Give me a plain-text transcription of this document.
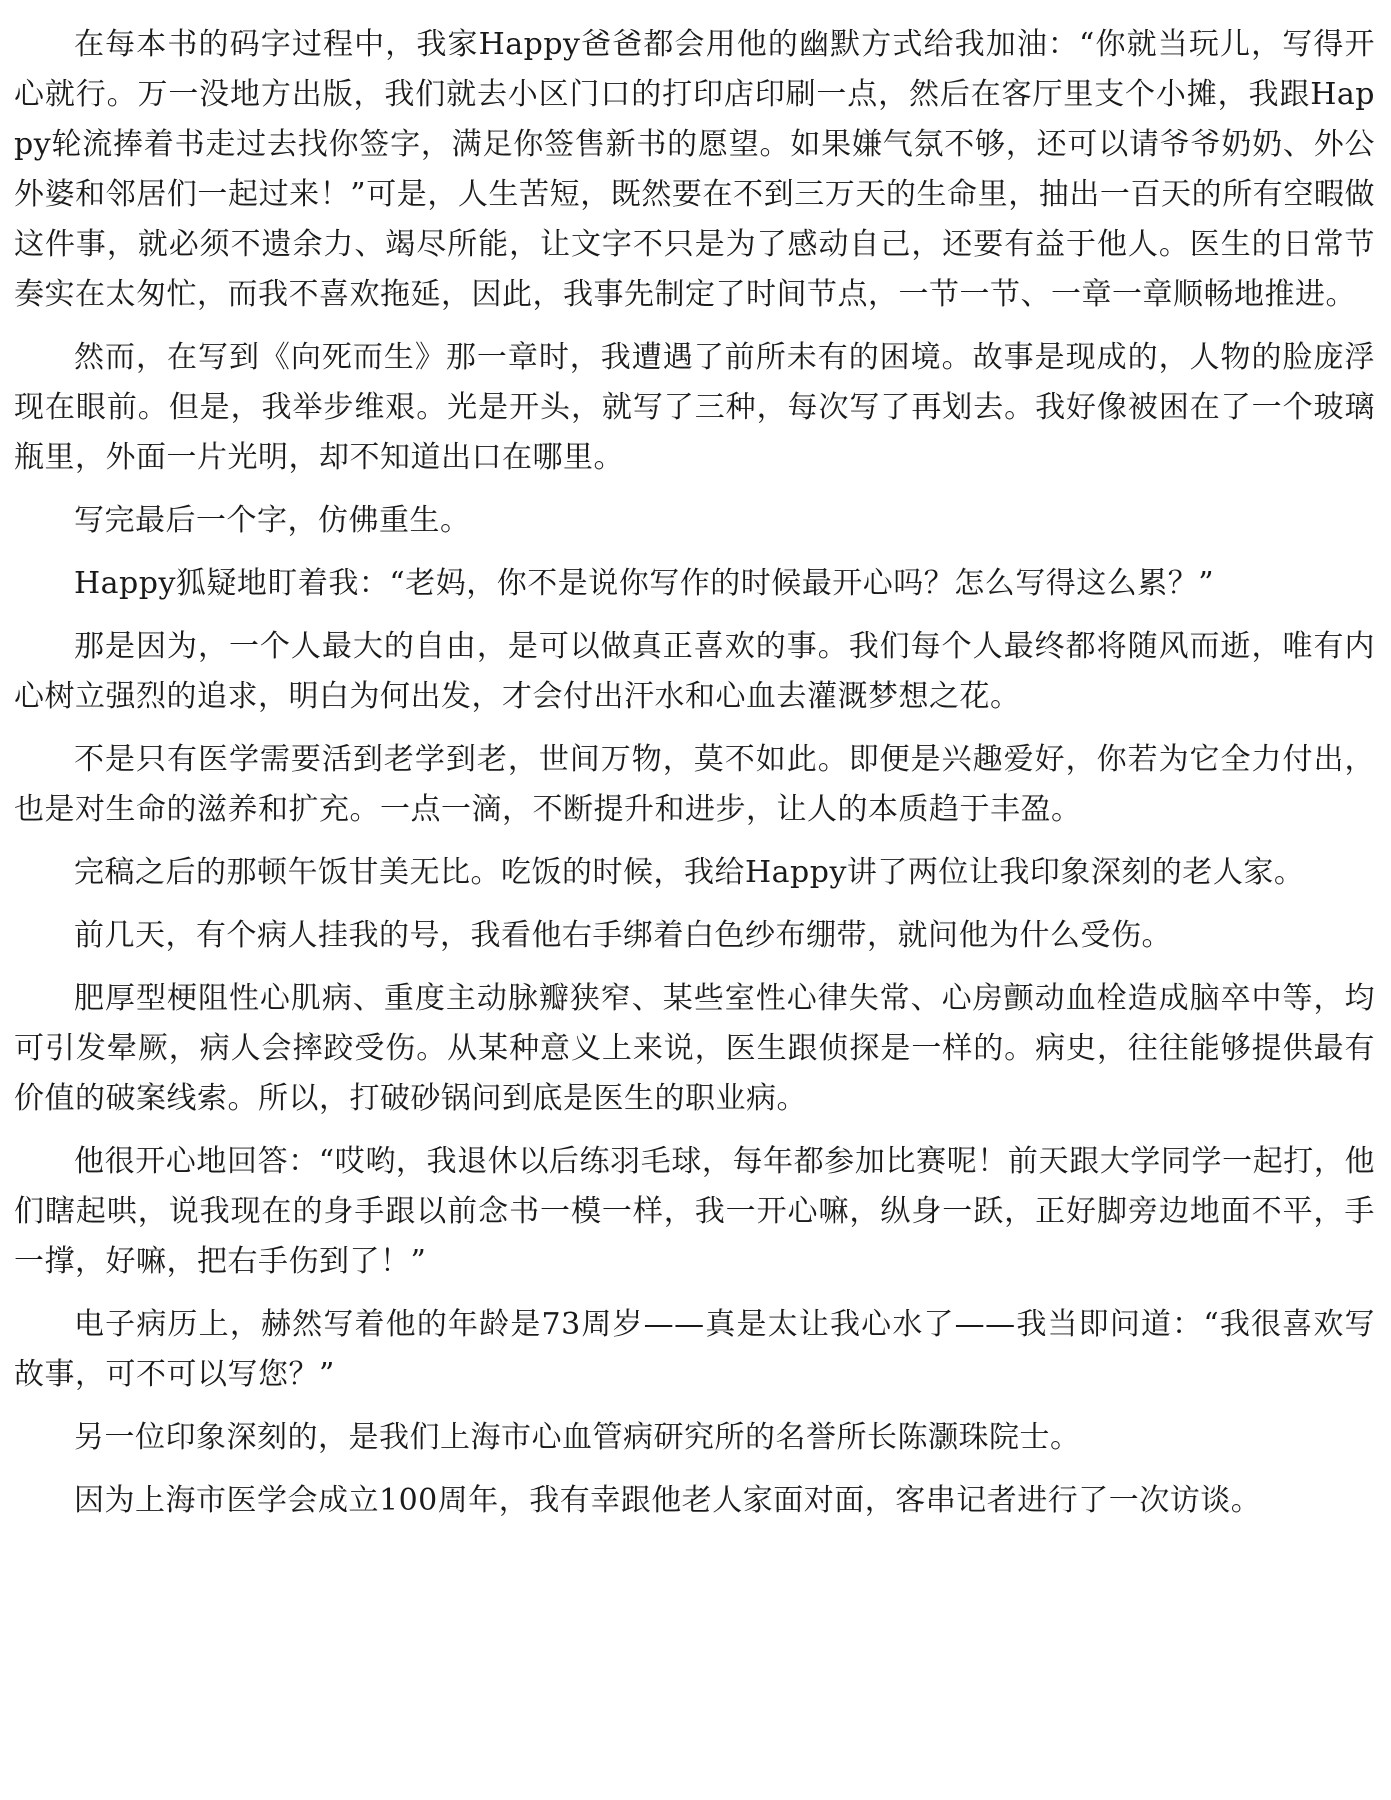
在每本书的码字过程中，我家Happy爸爸都会用他的幽默方式给我加油：“你就当玩儿，写得开心就行。万一没地方出版，我们就去小区门口的打印店印刷一点，然后在客厅里支个小摊，我跟Happy轮流捧着书走过去找你签字，满足你签售新书的愿望。如果嫌气氛不够，还可以请爷爷奶奶、外公外婆和邻居们一起过来！”可是，人生苦短，既然要在不到三万天的生命里，抽出一百天的所有空暇做这件事，就必须不遗余力、竭尽所能，让文字不只是为了感动自己，还要有益于他人。医生的日常节奏实在太匆忙，而我不喜欢拖延，因此，我事先制定了时间节点，一节一节、一章一章顺畅地推进。

然而，在写到《向死而生》那一章时，我遭遇了前所未有的困境。故事是现成的，人物的脸庞浮现在眼前。但是，我举步维艰。光是开头，就写了三种，每次写了再划去。我好像被困在了一个玻璃瓶里，外面一片光明，却不知道出口在哪里。

写完最后一个字，仿佛重生。

Happy狐疑地盯着我：“老妈，你不是说你写作的时候最开心吗？怎么写得这么累？”

那是因为，一个人最大的自由，是可以做真正喜欢的事。我们每个人最终都将随风而逝，唯有内心树立强烈的追求，明白为何出发，才会付出汗水和心血去灌溉梦想之花。

不是只有医学需要活到老学到老，世间万物，莫不如此。即便是兴趣爱好，你若为它全力付出，也是对生命的滋养和扩充。一点一滴，不断提升和进步，让人的本质趋于丰盈。

完稿之后的那顿午饭甘美无比。吃饭的时候，我给Happy讲了两位让我印象深刻的老人家。

前几天，有个病人挂我的号，我看他右手绑着白色纱布绷带，就问他为什么受伤。

肥厚型梗阻性心肌病、重度主动脉瓣狭窄、某些室性心律失常、心房颤动血栓造成脑卒中等，均可引发晕厥，病人会摔跤受伤。从某种意义上来说，医生跟侦探是一样的。病史，往往能够提供最有价值的破案线索。所以，打破砂锅问到底是医生的职业病。

他很开心地回答：“哎哟，我退休以后练羽毛球，每年都参加比赛呢！前天跟大学同学一起打，他们瞎起哄，说我现在的身手跟以前念书一模一样，我一开心嘛，纵身一跃，正好脚旁边地面不平，手一撑，好嘛，把右手伤到了！”

电子病历上，赫然写着他的年龄是73周岁——真是太让我心水了——我当即问道：“我很喜欢写故事，可不可以写您？”

另一位印象深刻的，是我们上海市心血管病研究所的名誉所长陈灏珠院士。

因为上海市医学会成立100周年，我有幸跟他老人家面对面，客串记者进行了一次访谈。
